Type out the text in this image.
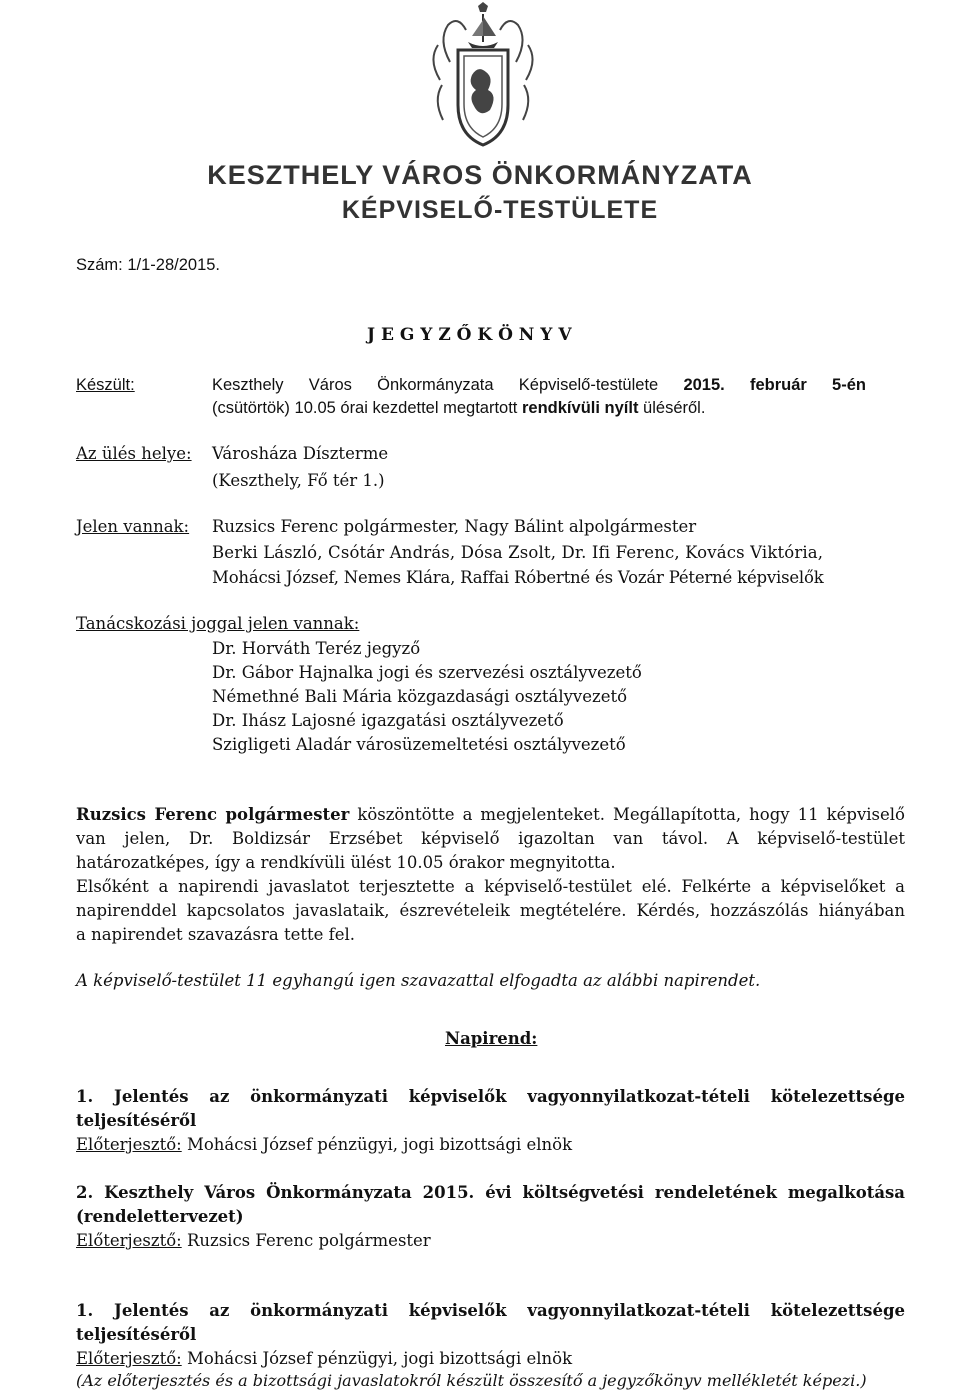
KESZTHELY VÁROS ÖNKORMÁNYZATA
KÉPVISELŐ-TESTÜLETE
Szám: 1/1-28/2015.
J E G Y Z Ő K Ö N Y V
Készült:	Keszthely Város Önkormányzata Képviselő-testülete 2015. február 5-én
(csütörtök) 10.05 órai kezdettel megtartott rendkívüli nyílt üléséről.
Az ülés helye: Városháza Díszterme
(Keszthely, Fő tér 1.)
Jelen vannak: Ruzsics Ferenc polgármester, Nagy Bálint alpolgármester
Berki László, Csótár András, Dósa Zsolt, Dr. Ifi Ferenc, Kovács Viktória,
Mohácsi József, Nemes Klára, Raffai Róbertné és Vozár Péterné képviselők
Tanácskozási joggal jelen vannak:
Dr. Horváth Teréz jegyző
Dr. Gábor Hajnalka jogi és szervezési osztályvezető
Némethné Bali Mária közgazdasági osztályvezető
Dr. Ihász Lajosné igazgatási osztályvezető
Szigligeti Aladár városüzemeltetési osztályvezető
Ruzsics Ferenc polgármester köszöntötte a megjelenteket. Megállapította, hogy 11 képviselő
van jelen, Dr. Boldizsár Erzsébet képviselő igazoltan van távol. A képviselő-testület
határozatképes, így a rendkívüli ülést 10.05 órakor megnyitotta.
Elsőként a napirendi javaslatot terjesztette a képviselő-testület elé. Felkérte a képviselőket a
napirenddel kapcsolatos javaslataik, észrevételeik megtételére. Kérdés, hozzászólás hiányában
a napirendet szavazásra tette fel.
A képviselő-testület 11 egyhangú igen szavazattal elfogadta az alábbi napirendet.
Napirend:
1. Jelentés az önkormányzati képviselők vagyonnyilatkozat-tételi kötelezettsége
teljesítéséről
Előterjesztő: Mohácsi József pénzügyi, jogi bizottsági elnök
2. Keszthely Város Önkormányzata 2015. évi költségvetési rendeletének megalkotása
(rendelettervezet)
Előterjesztő: Ruzsics Ferenc polgármester
1. Jelentés az önkormányzati képviselők vagyonnyilatkozat-tételi kötelezettsége
teljesítéséről
Előterjesztő: Mohácsi József pénzügyi, jogi bizottsági elnök
(Az előterjesztés és a bizottsági javaslatokról készült összesítő a jegyzőkönyv mellékletét képezi.)
